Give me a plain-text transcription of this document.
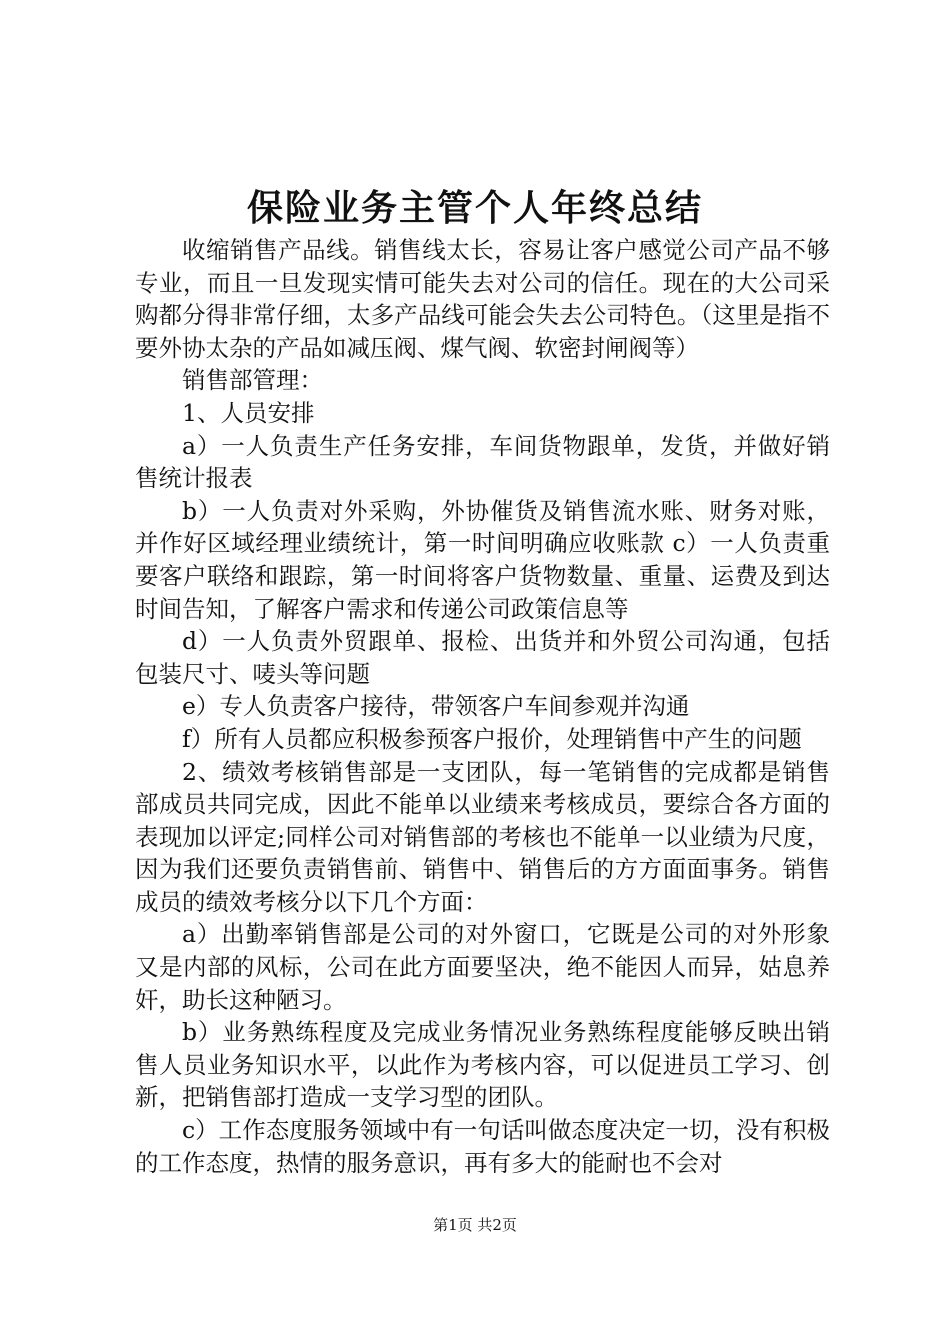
保险业务主管个人年终总结

收缩销售产品线。销售线太长，容易让客户感觉公司产品不够专业，而且一旦发现实情可能失去对公司的信任。现在的大公司采购都分得非常仔细，太多产品线可能会失去公司特色。（这里是指不要外协太杂的产品如减压阀、煤气阀、软密封闸阀等）

销售部管理：

1、人员安排

a）一人负责生产任务安排，车间货物跟单，发货，并做好销售统计报表

b）一人负责对外采购，外协催货及销售流水账、财务对账，并作好区域经理业绩统计，第一时间明确应收账款 c）一人负责重要客户联络和跟踪，第一时间将客户货物数量、重量、运费及到达时间告知，了解客户需求和传递公司政策信息等

d）一人负责外贸跟单、报检、出货并和外贸公司沟通，包括包装尺寸、唛头等问题

e）专人负责客户接待，带领客户车间参观并沟通

f）所有人员都应积极参预客户报价，处理销售中产生的问题

2、绩效考核销售部是一支团队，每一笔销售的完成都是销售部成员共同完成，因此不能单以业绩来考核成员，要综合各方面的表现加以评定;同样公司对销售部的考核也不能单一以业绩为尺度，因为我们还要负责销售前、销售中、销售后的方方面面事务。销售成员的绩效考核分以下几个方面：

a）出勤率销售部是公司的对外窗口，它既是公司的对外形象又是内部的风标，公司在此方面要坚决，绝不能因人而异，姑息养奸，助长这种陋习。

b）业务熟练程度及完成业务情况业务熟练程度能够反映出销售人员业务知识水平，以此作为考核内容，可以促进员工学习、创新，把销售部打造成一支学习型的团队。

c）工作态度服务领域中有一句话叫做态度决定一切，没有积极的工作态度，热情的服务意识，再有多大的能耐也不会对

第1页 共2页
